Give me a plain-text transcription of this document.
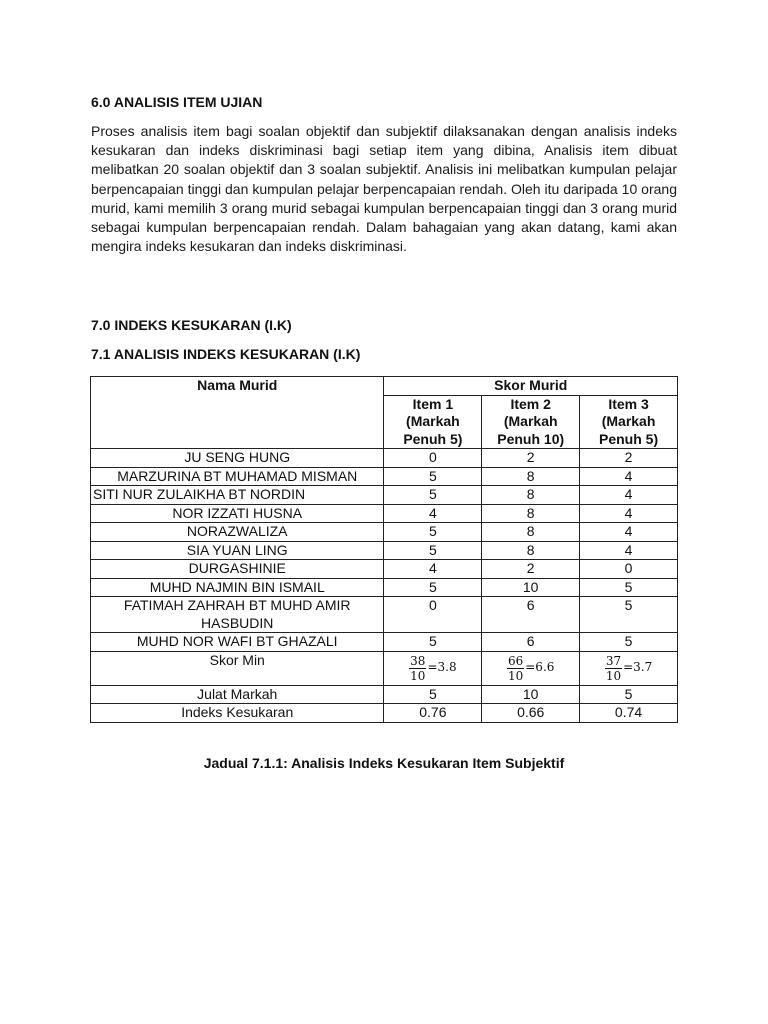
6.0 ANALISIS ITEM UJIAN

Proses analisis item bagi soalan objektif dan subjektif dilaksanakan dengan analisis indeks kesukaran dan indeks diskriminasi bagi setiap item yang dibina, Analisis item dibuat melibatkan 20 soalan objektif dan 3 soalan subjektif. Analisis ini melibatkan kumpulan pelajar berpencapaian tinggi dan kumpulan pelajar berpencapaian rendah. Oleh itu daripada 10 orang murid, kami memilih 3 orang murid sebagai kumpulan berpencapaian tinggi dan 3 orang murid sebagai kumpulan berpencapaian rendah. Dalam bahagaian yang akan datang, kami akan mengira indeks kesukaran dan indeks diskriminasi.

7.0 INDEKS KESUKARAN (I.K)
7.1 ANALISIS INDEKS KESUKARAN (I.K)
Nama Murid	Skor Murid		
	Item 1 (Markah Penuh 5)	Item 2 (Markah Penuh 10)	Item 3 (Markah Penuh 5)
JU SENG HUNG	0	2	2
MARZURINA BT MUHAMAD MISMAN	5	8	4
SITI NUR ZULAIKHA BT NORDIN	5	8	4
NOR IZZATI HUSNA	4	8	4
NORAZWALIZA	5	8	4
SIA YUAN LING	5	8	4
DURGASHINIE	4	2	0
MUHD NAJMIN BIN ISMAIL	5	10	5
FATIMAH ZAHRAH BT MUHD AMIR HASBUDIN	0	6	5
MUHD NOR WAFI BT GHAZALI	5	6	5
Skor Min	$\frac{38}{10} =3.8$	$\frac{66}{10} =6.6$	$\frac{37}{10} =3.7$

Julat Markah	5	10	5
Indeks Kesukaran	0.76	0.66	0.74

Jadual 7.1.1: Analisis Indeks Kesukaran Item Subjektif
